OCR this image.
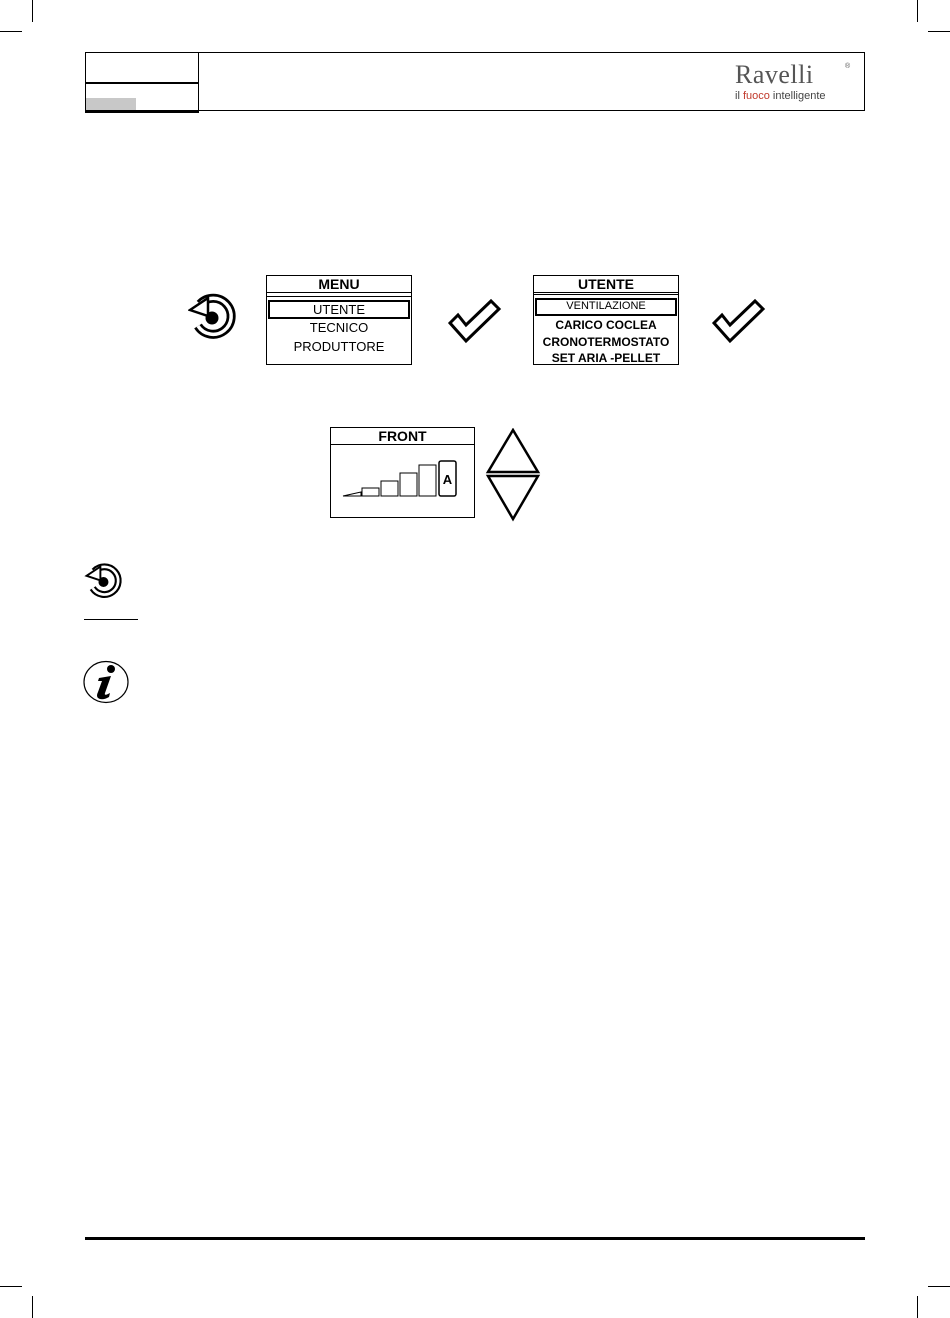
Ravelli	®
il fuoco intelligente
MENU
UTENTE
TECNICO
PRODUTTORE
UTENTE
VENTILAZIONE
CARICO COCLEA
CRONOTERMOSTATO
SET ARIA -PELLET
FRONT
A
